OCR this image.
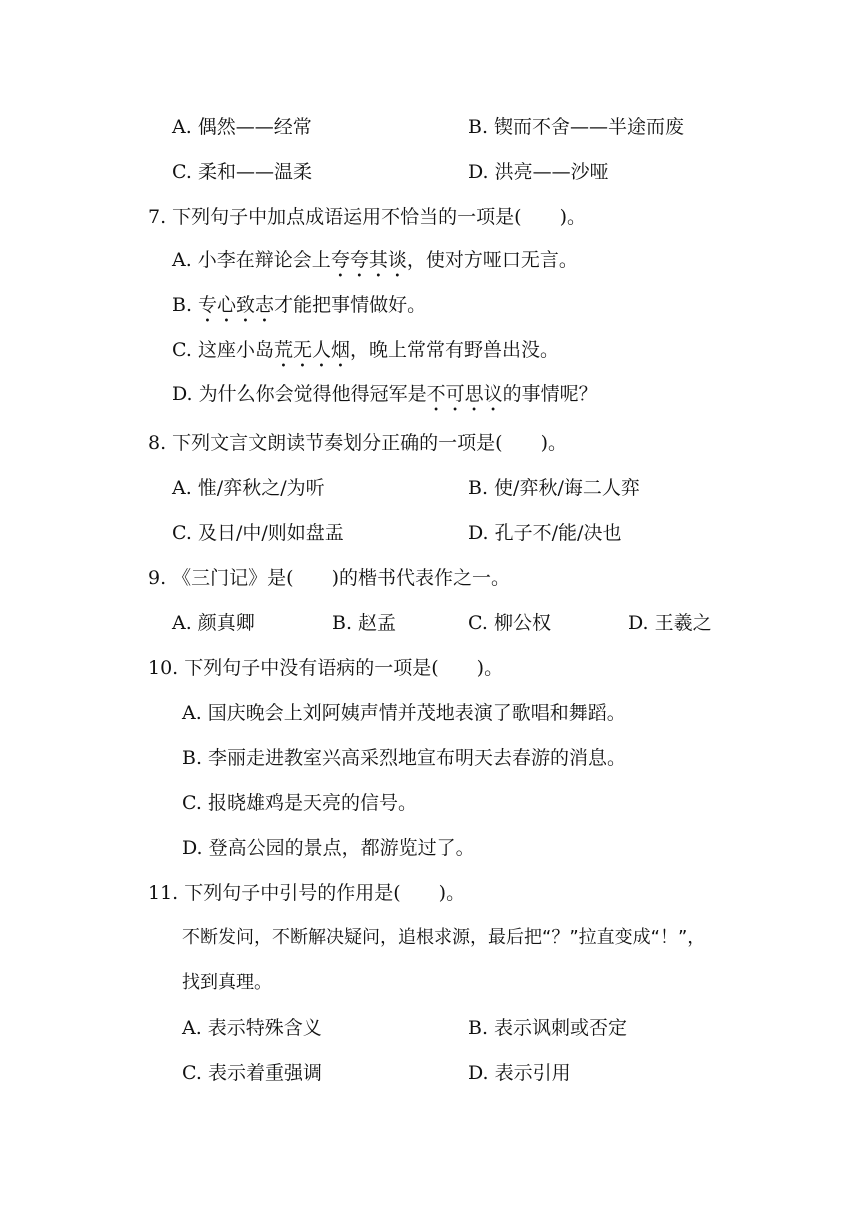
A. 偶然——经常	B. 锲而不舍——半途而废
C. 柔和——温柔	D. 洪亮——沙哑
7. 下列句子中加点成语运用不恰当的一项是(　　)。
A. 小李在辩论会上夸夸其谈，使对方哑口无言。
B. 专心致志才能把事情做好。
C. 这座小岛荒无人烟，晚上常常有野兽出没。
D. 为什么你会觉得他得冠军是不可思议的事情呢？
8. 下列文言文朗读节奏划分正确的一项是(　　)。
A. 惟/弈秋之/为听	B. 使/弈秋/诲二人弈
C. 及日/中/则如盘盂	D. 孔子不/能/决也
9. 《三门记》是(　　)的楷书代表作之一。
A. 颜真卿	B. 赵孟	C. 柳公权	D. 王羲之
10. 下列句子中没有语病的一项是(　　)。
A. 国庆晚会上刘阿姨声情并茂地表演了歌唱和舞蹈。
B. 李丽走进教室兴高采烈地宣布明天去春游的消息。
C. 报晓雄鸡是天亮的信号。
D. 登高公园的景点，都游览过了。
11. 下列句子中引号的作用是(　　)。
不断发问，不断解决疑问，追根求源，最后把“？”拉直变成“！”，
找到真理。
A. 表示特殊含义	B. 表示讽刺或否定
C. 表示着重强调	D. 表示引用
